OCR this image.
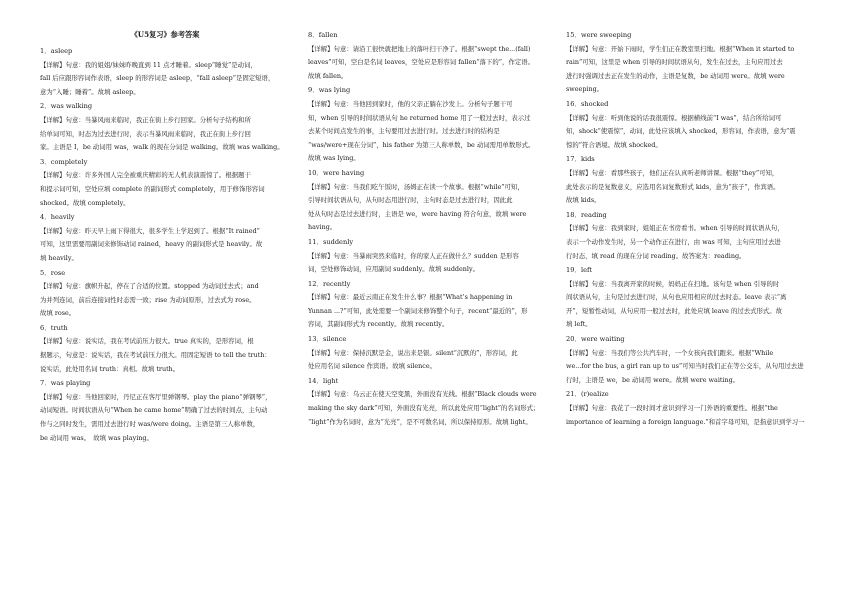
《U5复习》参考答案
1．asleep
【详解】句意：我的姐姐/妹妹昨晚直到 11 点才睡着。sleep“睡觉”是动词，
fall 后应跟形容词作表语，sleep 的形容词是 asleep，“fall asleep”是固定短语，
意为“入睡；睡着”。故填 asleep。
2．was walking
【详解】句意：当暴风雨来临时，我正在街上步行回家。分析句子结构和所
给单词可知，时态为过去进行时，表示当暴风雨来临时，我正在街上步行回
家。主语是 I，be 动词用 was，walk 的现在分词是 walking。故填 was walking。
3．completely
【详解】句意：许多外国人完全被重庆精彩的无人机表演震惊了。根据题干
和提示词可知，空处应填 complete 的副词形式 completely，用于修饰形容词
shocked。故填 completely。
4．heavily
【详解】句意：昨天早上雨下得很大，很多学生上学迟到了。根据“It rained”
可知，这里需要用副词来修饰动词 rained，heavy 的副词形式是 heavily。故
填 heavily。
5．rose
【详解】句意：旗帜升起，停在了合适的位置。stopped 为动词过去式；and
为并列连词，前后连接词性时态需一致；rise 为动词原形，过去式为 rose。
故填 rose。
6．truth
【详解】句意：说实话，我在考试前压力很大。true 真实的，是形容词，根
据题示，句意是：说实话，我在考试前压力很大。用固定短语 to tell the truth：
说实话，此处用名词 truth：真相。故填 truth。
7．was playing
【详解】句意：当他回家时，丹尼正在客厅里弹钢琴。play the piano“弹钢琴”，
动词短语。时间状语从句“When he came home”明确了过去的时间点，主句动
作与之同时发生，需用过去进行时 was/were doing。主语是第三人称单数，
be 动词用 was。　故填 was playing。
8．fallen
【详解】句意：请沿工很快就把地上的落叶扫干净了。根据“swept the...(fall)
leaves”可知，空白是名词 leaves，空处应是形容词 fallen“落下的”，作定语。
故填 fallen。
9．was lying
【详解】句意：当他回到家时，他的父亲正躺在沙发上。分析句子题干可
知，when 引导的时间状语从句 he returned home 用了一般过去时，表示过
去某个时间点发生的事，主句要用过去进行时。过去进行时的结构是
“was/were+现在分词”，his father 为第三人称单数，be 动词需用单数形式。
故填 was lying。
10．were having
【详解】句意：当我们吃午饭时，汤姆正在读一个故事。根据“while”可知，
引导时间状语从句，从句时态用进行时，主句时态是过去进行时，因此此
处从句时态是过去进行时，主语是 we，were having 符合句意，故填 were
having。
11．suddenly
【详解】句意：当暴雨突然来临时，你的家人正在做什么？sudden 是形容
词，空处修饰动词，应用副词 suddenly。故填 suddenly。
12．recently
【详解】句意：最近云南正在发生什么事？根据“What’s happening in
Yunnan ...?”可知，此处需要一个副词来修饰整个句子，recent“最近的”，形
容词，其副词形式为 recently。故填 recently。
13．silence
【详解】句意：保持沉默是金，说出来是银。silent“沉默的”，形容词，此
处应用名词 silence 作宾语。故填 silence。
14．light
【详解】句意：乌云正在使天空变黑，外面没有光线。根据“Black clouds were
making the sky dark”可知，外面没有光亮，所以此处应用“light”的名词形式；
“light”作为名词时，意为“光亮”，是不可数名词，所以保持原形。故填 light。
15．were sweeping
【详解】句意：开始下雨时，学生们正在教室里扫地。根据“When it started to
rain”可知，这里是 when 引导的时间状语从句，发生在过去，主句应用过去
进行时强调过去正在发生的动作，主语是复数，be 动词用 were。故填 were
sweeping。
16．shocked
【详解】句意：听到他说的话我很震惊。根据横线前“I was”，结合所给词可
知，shock“使震惊”，动词，此处应该填入 shocked，形容词，作表语，意为“震
惊的”符合语境。故填 shocked。
17．kids
【详解】句意：看那些孩子，他们正在认真听老师讲课。根据“they”可知，
此处表示的是复数意义，应选用名词复数形式 kids，意为“孩子”，作宾语。
故填 kids。
18．reading
【详解】句意：我到家时，姐姐正在书房看书。when 引导的时间状语从句，
表示一个动作发生时，另一个动作正在进行，由 was 可知，主句应用过去进
行时态，填 read 的现在分词 reading。故答案为：reading。
19．left
【详解】句意：当我离开家的时候，妈妈正在扫地。该句是 when 引导的时
间状语从句，主句是过去进行时，从句也应用相应的过去时态。leave 表示“离
开”，短暂性动词，从句应用一般过去时，此处应填 leave 的过去式形式。故
填 left。
20．were waiting
【详解】句意：当我们等公共汽车时，一个女孩向我们跑来。根据“While
we...for the bus, a girl ran up to us”可知当时我们正在等公交车，从句用过去进
行时，主语是 we，be 动词用 were。故填 were waiting。
21．(r)ealize
【详解】句意：我花了一段时间才意识到学习一门外语的重要性。根据“the
importance of learning a foreign language.”和首字母可知，是指意识到学习一
